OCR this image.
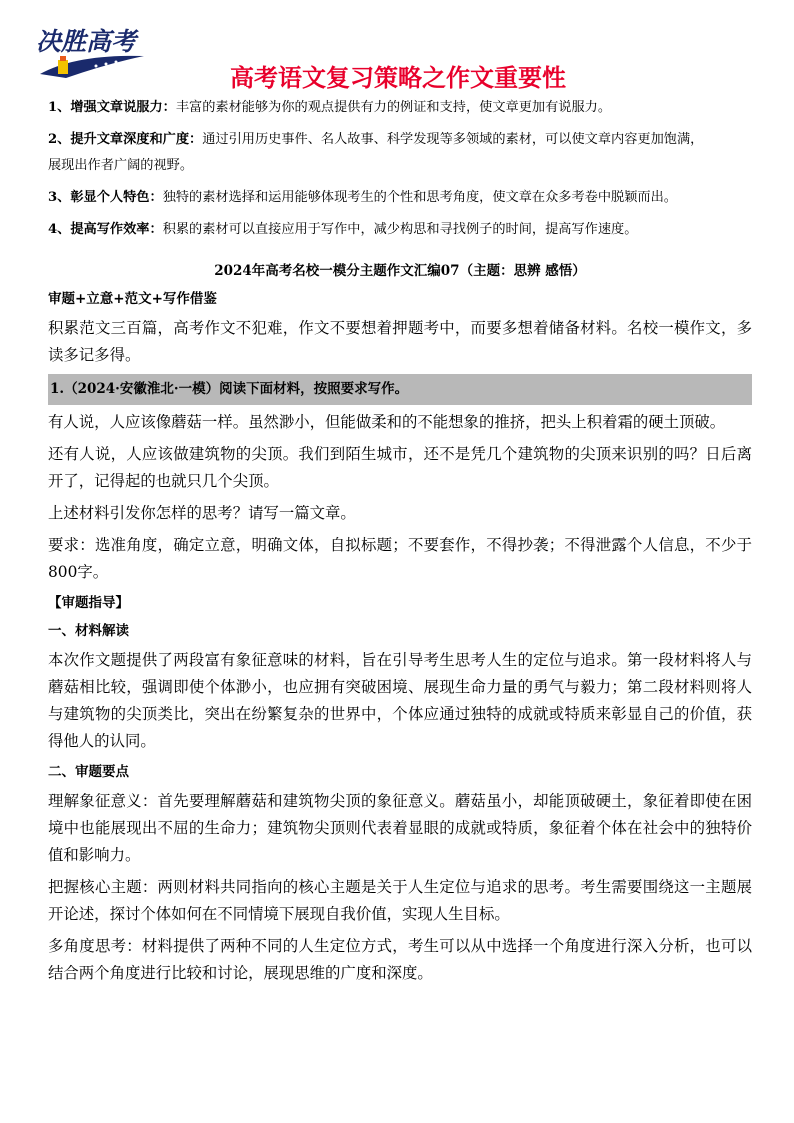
决胜高考
高考语文复习策略之作文重要性

1、增强文章说服力：丰富的素材能够为你的观点提供有力的例证和支持，使文章更加有说服力。

2、提升文章深度和广度：通过引用历史事件、名人故事、科学发现等多领域的素材，可以使文章内容更加饱满，

展现出作者广阔的视野。

3、彰显个人特色：独特的素材选择和运用能够体现考生的个性和思考角度，使文章在众多考卷中脱颖而出。

4、提高写作效率：积累的素材可以直接应用于写作中，减少构思和寻找例子的时间，提高写作速度。

2024年高考名校一模分主题作文汇编07（主题：思辨 感悟）
审题+立意+范文+写作借鉴

积累范文三百篇，高考作文不犯难，作文不要想着押题考中，而要多想着储备材料。名校一模作文，多读多记多得。

1.（2024·安徽淮北·一模）阅读下面材料，按照要求写作。

有人说，人应该像蘑菇一样。虽然渺小，但能做柔和的不能想象的推挤，把头上积着霜的硬土顶破。

还有人说，人应该做建筑物的尖顶。我们到陌生城市，还不是凭几个建筑物的尖顶来识别的吗？日后离开了，记得起的也就只几个尖顶。

上述材料引发你怎样的思考？请写一篇文章。

要求：选准角度，确定立意，明确文体，自拟标题；不要套作，不得抄袭；不得泄露个人信息，不少于800字。

【审题指导】
一、材料解读

本次作文题提供了两段富有象征意味的材料，旨在引导考生思考人生的定位与追求。第一段材料将人与蘑菇相比较，强调即使个体渺小，也应拥有突破困境、展现生命力量的勇气与毅力；第二段材料则将人与建筑物的尖顶类比，突出在纷繁复杂的世界中，个体应通过独特的成就或特质来彰显自己的价值，获得他人的认同。

二、审题要点

理解象征意义：首先要理解蘑菇和建筑物尖顶的象征意义。蘑菇虽小，却能顶破硬土，象征着即使在困境中也能展现出不屈的生命力；建筑物尖顶则代表着显眼的成就或特质，象征着个体在社会中的独特价值和影响力。

把握核心主题：两则材料共同指向的核心主题是关于人生定位与追求的思考。考生需要围绕这一主题展开论述，探讨个体如何在不同情境下展现自我价值，实现人生目标。

多角度思考：材料提供了两种不同的人生定位方式，考生可以从中选择一个角度进行深入分析，也可以结合两个角度进行比较和讨论，展现思维的广度和深度。
